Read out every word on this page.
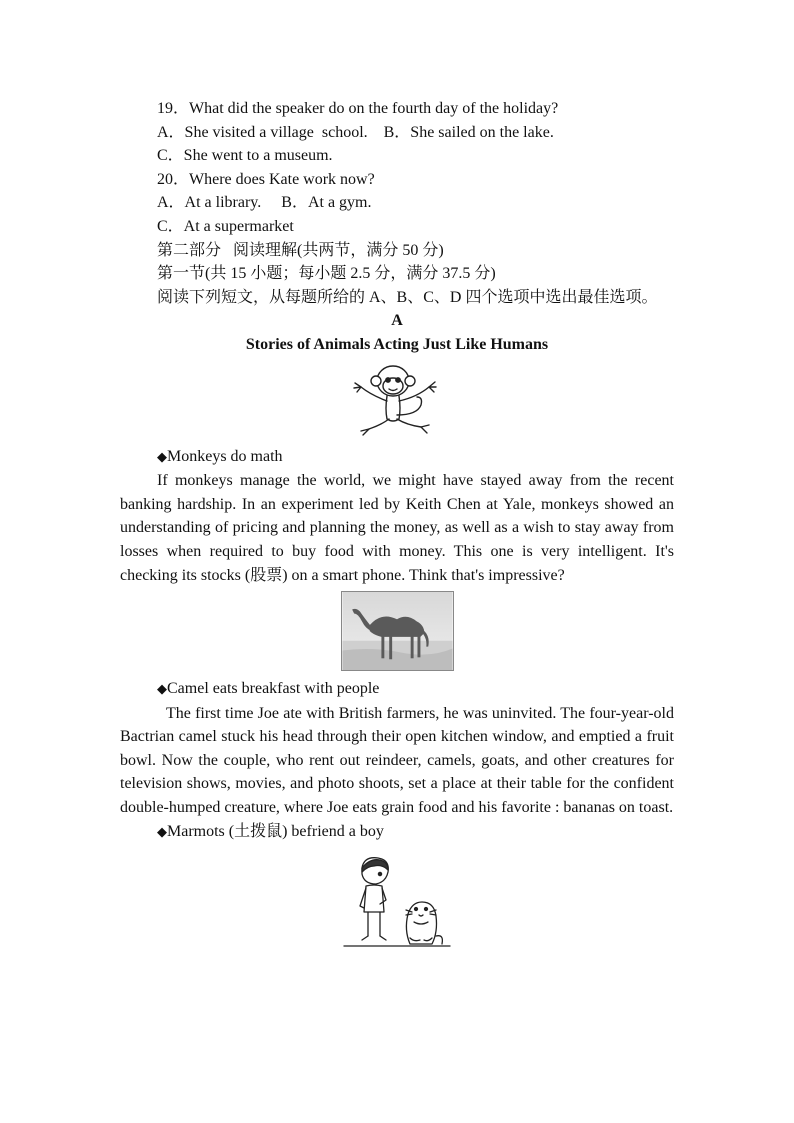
19．What did the speaker do on the fourth day of the holiday?
A．She visited a village  school.    B．She sailed on the lake.
C．She went to a museum.
20．Where does Kate work now?
A．At a library.     B．At a gym.
C．At a supermarket
第二部分   阅读理解(共两节，满分 50 分)
第一节(共 15 小题；每小题 2.5 分，满分 37.5 分)
阅读下列短文，从每题所给的 A、B、C、D 四个选项中选出最佳选项。
A
Stories of Animals Acting Just Like Humans
◆Monkeys do math
If monkeys manage the world, we might have stayed away from the recent banking hardship. In an experiment led by Keith Chen at Yale, monkeys showed an understanding of pricing and planning the money, as well as a wish to stay away from losses when required to buy food with money. This one is very intelligent. It's checking its stocks (股票) on a smart phone. Think that's impressive?
◆Camel eats breakfast with people
The first time Joe ate with British farmers, he was uninvited. The four-year-old Bactrian camel stuck his head through their open kitchen window, and emptied a fruit bowl. Now the couple, who rent out reindeer, camels, goats, and other creatures for television shows, movies, and photo shoots, set a place at their table for the confident double-humped creature, where Joe eats grain food and his favorite : bananas on toast.
◆Marmots (土拨鼠) befriend a boy
